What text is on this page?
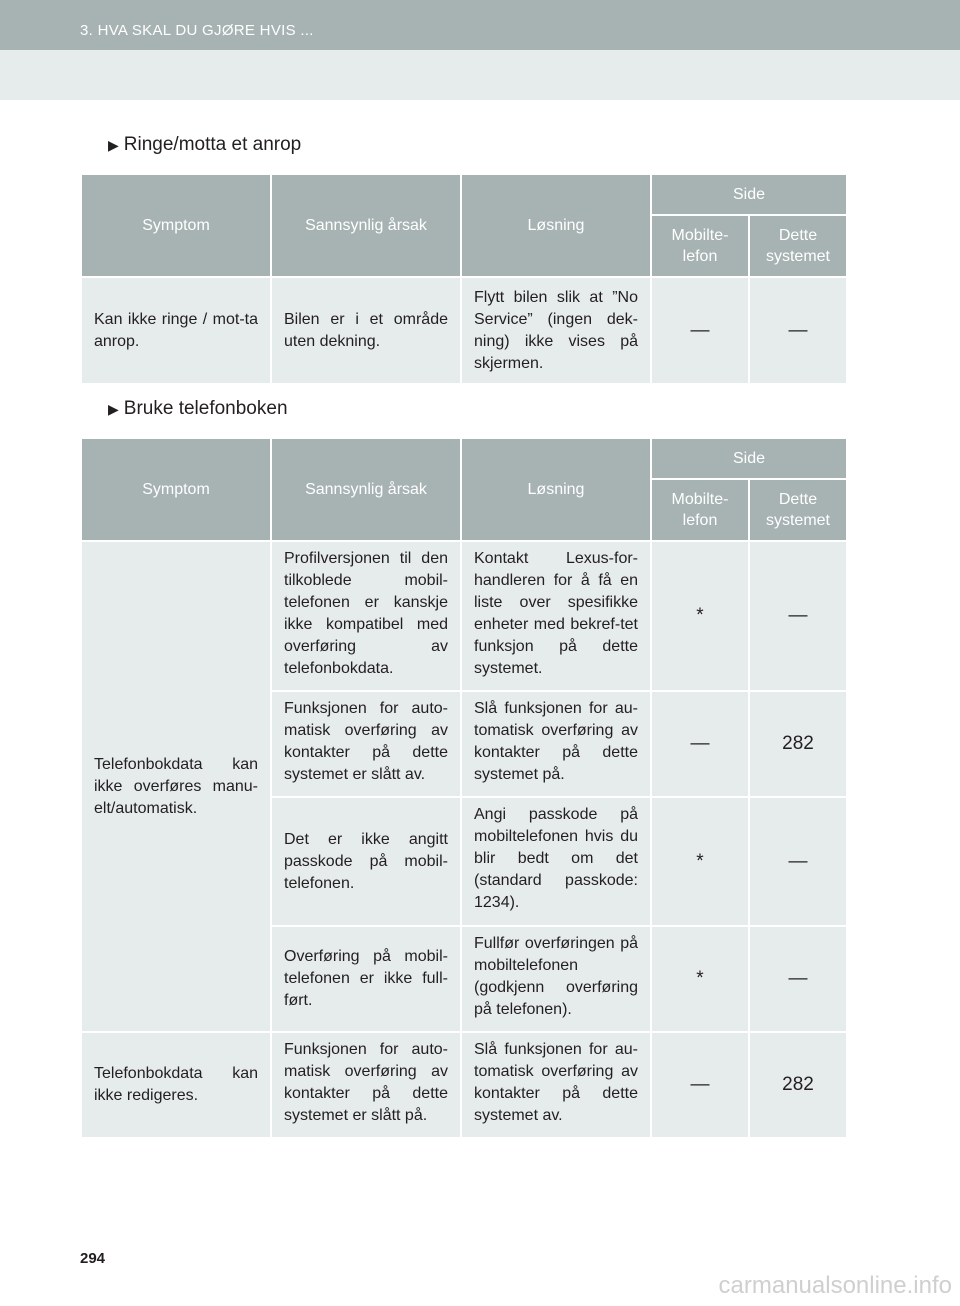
3. HVA SKAL DU GJØRE HVIS ...
▶ Ringe/motta et anrop
Symptom	Sannsynlig årsak	Løsning	Side	
			Mobilte-lefon	Dette systemet
Kan ikke ringe / mot-ta anrop.	Bilen er i et område uten dekning.	Flytt bilen slik at ”No Service” (ingen dek-ning) ikke vises på skjermen.	—	—
▶ Bruke telefonboken
Symptom	Sannsynlig årsak	Løsning	Side	
			Mobilte-lefon	Dette systemet
Telefonbokdata kan ikke overføres manu-elt/automatisk.	Profilversjonen til den tilkoblede mobil-telefonen er kanskje ikke kompatibel med overføring av telefonbokdata.	Kontakt Lexus-for-handleren for å få en liste over spesifikke enheter med bekref-tet funksjon på dette systemet.	*	—
	Funksjonen for auto-matisk overføring av kontakter på dette systemet er slått av.	Slå funksjonen for au-tomatisk overføring av kontakter på dette systemet på.	—	282
	Det er ikke angitt passkode på mobil-telefonen.	Angi passkode på mobiltelefonen hvis du blir bedt om det (standard passkode: 1234).	*	—
	Overføring på mobil-telefonen er ikke full-ført.	Fullfør overføringen på mobiltelefonen (godkjenn overføring på telefonen).	*	—
Telefonbokdata kan ikke redigeres.	Funksjonen for auto-matisk overføring av kontakter på dette systemet er slått på.	Slå funksjonen for au-tomatisk overføring av kontakter på dette systemet av.	—	282
294
carmanualsonline.info
